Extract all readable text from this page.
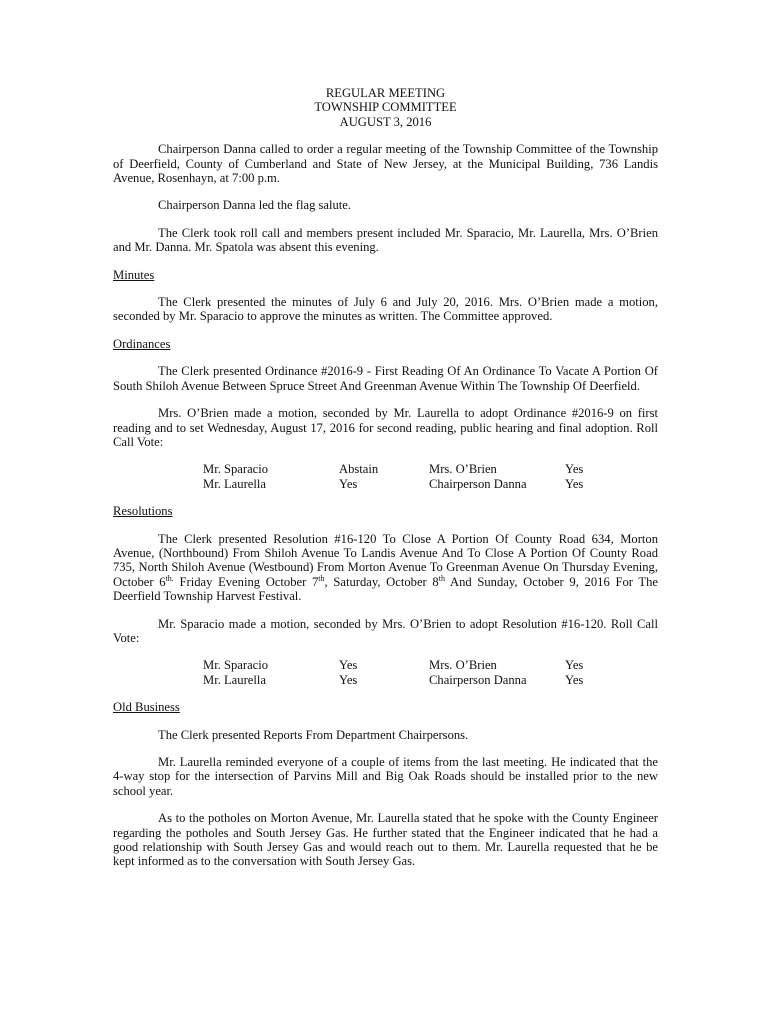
REGULAR MEETING
TOWNSHIP COMMITTEE
AUGUST 3, 2016

Chairperson Danna called to order a regular meeting of the Township Committee of the Township of Deerfield, County of Cumberland and State of New Jersey, at the Municipal Building, 736 Landis Avenue, Rosenhayn, at 7:00 p.m.

Chairperson Danna led the flag salute.

The Clerk took roll call and members present included Mr. Sparacio, Mr. Laurella, Mrs. O’Brien and Mr. Danna. Mr. Spatola was absent this evening.

Minutes

The Clerk presented the minutes of July 6 and July 20, 2016. Mrs. O’Brien made a motion, seconded by Mr. Sparacio to approve the minutes as written. The Committee approved.

Ordinances

The Clerk presented Ordinance #2016-9 - First Reading Of An Ordinance To Vacate A Portion Of South Shiloh Avenue Between Spruce Street And Greenman Avenue Within The Township Of Deerfield.

Mrs. O’Brien made a motion, seconded by Mr. Laurella to adopt Ordinance #2016-9 on first reading and to set Wednesday, August 17, 2016 for second reading, public hearing and final adoption. Roll Call Vote:

Mr. Sparacio	Abstain	Mrs. O’Brien	Yes
Mr. Laurella	Yes	Chairperson Danna	Yes
Resolutions

The Clerk presented Resolution #16-120 To Close A Portion Of County Road 634, Morton Avenue, (Northbound) From Shiloh Avenue To Landis Avenue And To Close A Portion Of County Road 735, North Shiloh Avenue (Westbound) From Morton Avenue To Greenman Avenue On Thursday Evening, October $6^{th.}$ Friday Evening October 7th, Saturday, October 8th And Sunday, October 9, 2016 For The Deerfield Township Harvest Festival.

Mr. Sparacio made a motion, seconded by Mrs. O’Brien to adopt Resolution #16-120. Roll Call Vote:

Mr. Sparacio	Yes	Mrs. O’Brien	Yes
Mr. Laurella	Yes	Chairperson Danna	Yes
Old Business

The Clerk presented Reports From Department Chairpersons.

Mr. Laurella reminded everyone of a couple of items from the last meeting. He indicated that the 4-way stop for the intersection of Parvins Mill and Big Oak Roads should be installed prior to the new school year.

As to the potholes on Morton Avenue, Mr. Laurella stated that he spoke with the County Engineer regarding the potholes and South Jersey Gas. He further stated that the Engineer indicated that he had a good relationship with South Jersey Gas and would reach out to them. Mr. Laurella requested that he be kept informed as to the conversation with South Jersey Gas.
